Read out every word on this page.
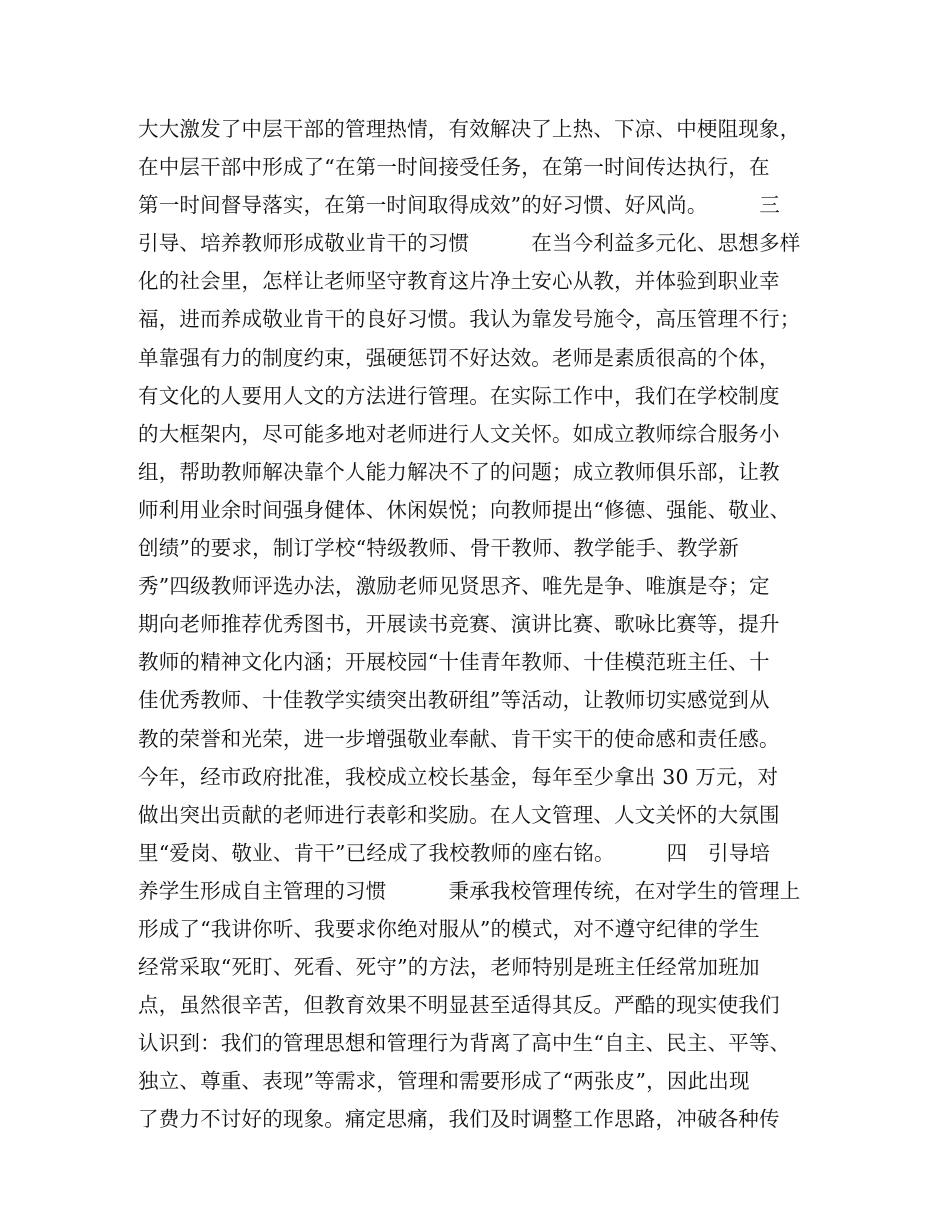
大大激发了中层干部的管理热情，有效解决了上热、下凉、中梗阻现象，
在中层干部中形成了“在第一时间接受任务，在第一时间传达执行，在
第一时间督导落实，在第一时间取得成效”的好习惯、好风尚。　　　三
引导、培养教师形成敬业肯干的习惯　　　在当今利益多元化、思想多样
化的社会里，怎样让老师坚守教育这片净土安心从教，并体验到职业幸
福，进而养成敬业肯干的良好习惯。我认为靠发号施令，高压管理不行；
单靠强有力的制度约束，强硬惩罚不好达效。老师是素质很高的个体，
有文化的人要用人文的方法进行管理。在实际工作中，我们在学校制度
的大框架内，尽可能多地对老师进行人文关怀。如成立教师综合服务小
组，帮助教师解决靠个人能力解决不了的问题；成立教师俱乐部，让教
师利用业余时间强身健体、休闲娱悦；向教师提出“修德、强能、敬业、
创绩”的要求，制订学校“特级教师、骨干教师、教学能手、教学新
秀”四级教师评选办法，激励老师见贤思齐、唯先是争、唯旗是夺；定
期向老师推荐优秀图书，开展读书竞赛、演讲比赛、歌咏比赛等，提升
教师的精神文化内涵；开展校园“十佳青年教师、十佳模范班主任、十
佳优秀教师、十佳教学实绩突出教研组”等活动，让教师切实感觉到从
教的荣誉和光荣，进一步增强敬业奉献、肯干实干的使命感和责任感。
今年，经市政府批准，我校成立校长基金，每年至少拿出 30 万元，对
做出突出贡献的老师进行表彰和奖励。在人文管理、人文关怀的大氛围
里“爱岗、敬业、肯干”已经成了我校教师的座右铭。　　　四　引导培
养学生形成自主管理的习惯　　　秉承我校管理传统，在对学生的管理上
形成了“我讲你听、我要求你绝对服从”的模式，对不遵守纪律的学生
经常采取“死盯、死看、死守”的方法，老师特别是班主任经常加班加
点，虽然很辛苦，但教育效果不明显甚至适得其反。严酷的现实使我们
认识到：我们的管理思想和管理行为背离了高中生“自主、民主、平等、
独立、尊重、表现”等需求，管理和需要形成了“两张皮”，因此出现
了费力不讨好的现象。痛定思痛，我们及时调整工作思路，冲破各种传
